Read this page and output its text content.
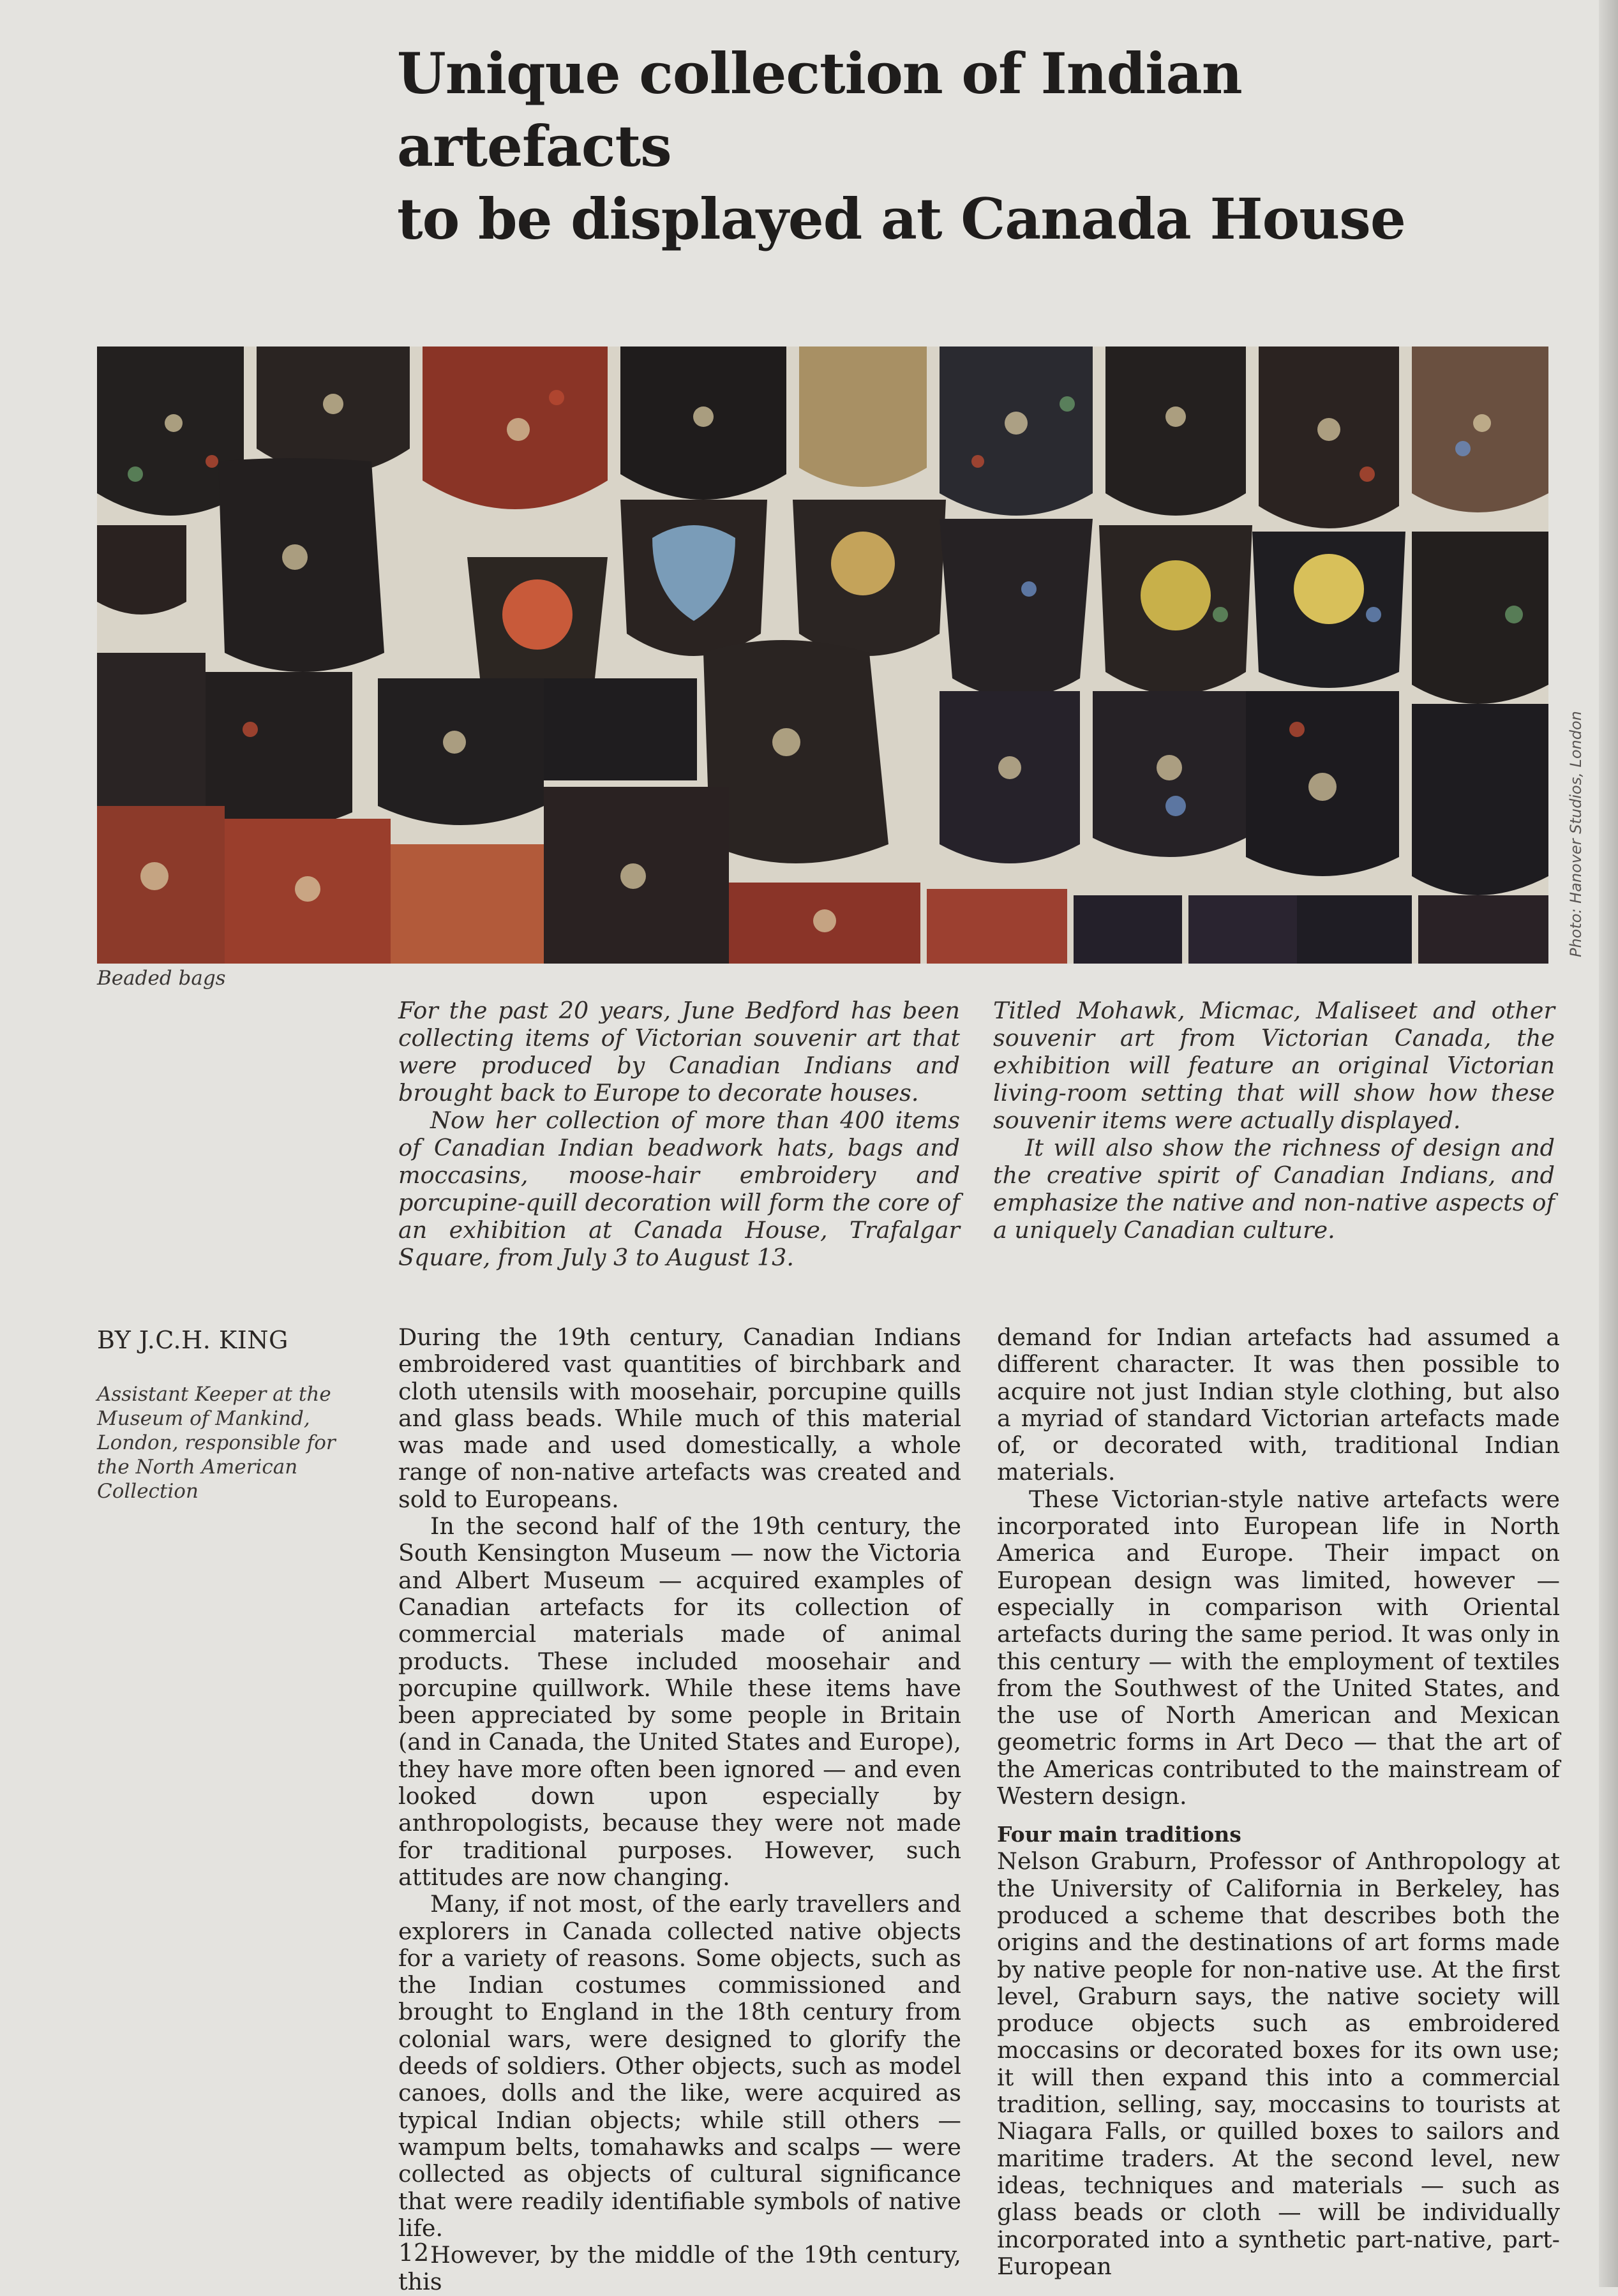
Unique collection of Indian artefacts
to be displayed at Canada House
Photo: Hanover Studios, London
Beaded bags

For the past 20 years, June Bedford has been collecting items of Victorian souvenir art that were produced by Canadian Indians and brought back to Europe to decorate houses.

Now her collection of more than 400 items of Canadian Indian beadwork hats, bags and moccasins, moose-hair embroidery and porcupine-quill decoration will form the core of an exhibition at Canada House, Trafalgar Square, from July 3 to August 13.

Titled Mohawk, Micmac, Maliseet and other souvenir art from Victorian Canada, the exhibition will feature an original Victorian living-room setting that will show how these souvenir items were actually displayed.

It will also show the richness of design and the creative spirit of Canadian Indians, and emphasize the native and non-native aspects of a uniquely Canadian culture.

BY J.C.H. KING
Assistant Keeper at the Museum of Mankind, London, responsible for the North American Collection

During the 19th century, Canadian Indians embroidered vast quantities of birchbark and cloth utensils with moosehair, porcupine quills and glass beads. While much of this material was made and used domestically, a whole range of non-native artefacts was created and sold to Europeans.

In the second half of the 19th century, the South Kensington Museum — now the Victoria and Albert Museum — acquired examples of Canadian artefacts for its collection of commercial materials made of animal products. These included moosehair and porcupine quillwork. While these items have been appreciated by some people in Britain (and in Canada, the United States and Europe), they have more often been ignored — and even looked down upon especially by anthropologists, because they were not made for traditional purposes. However, such attitudes are now changing.

Many, if not most, of the early travellers and explorers in Canada collected native objects for a variety of reasons. Some objects, such as the Indian costumes commissioned and brought to England in the 18th century from colonial wars, were designed to glorify the deeds of soldiers. Other objects, such as model canoes, dolls and the like, were acquired as typical Indian objects; while still others — wampum belts, tomahawks and scalps — were collected as objects of cultural significance that were readily identifiable symbols of native life.

However, by the middle of the 19th century, this

demand for Indian artefacts had assumed a different character. It was then possible to acquire not just Indian style clothing, but also a myriad of standard Victorian artefacts made of, or decorated with, traditional Indian materials.

These Victorian-style native artefacts were incorporated into European life in North America and Europe. Their impact on European design was limited, however — especially in comparison with Oriental artefacts during the same period. It was only in this century — with the employment of textiles from the Southwest of the United States, and the use of North American and Mexican geometric forms in Art Deco — that the art of the Americas contributed to the mainstream of Western design.

Four main traditions

Nelson Graburn, Professor of Anthropology at the University of California in Berkeley, has produced a scheme that describes both the origins and the destinations of art forms made by native people for non-native use. At the first level, Graburn says, the native society will produce objects such as embroidered moccasins or decorated boxes for its own use; it will then expand this into a commercial tradition, selling, say, moccasins to tourists at Niagara Falls, or quilled boxes to sailors and maritime traders. At the second level, new ideas, techniques and materials — such as glass beads or cloth — will be individually incorporated into a synthetic part-native, part-European

12
